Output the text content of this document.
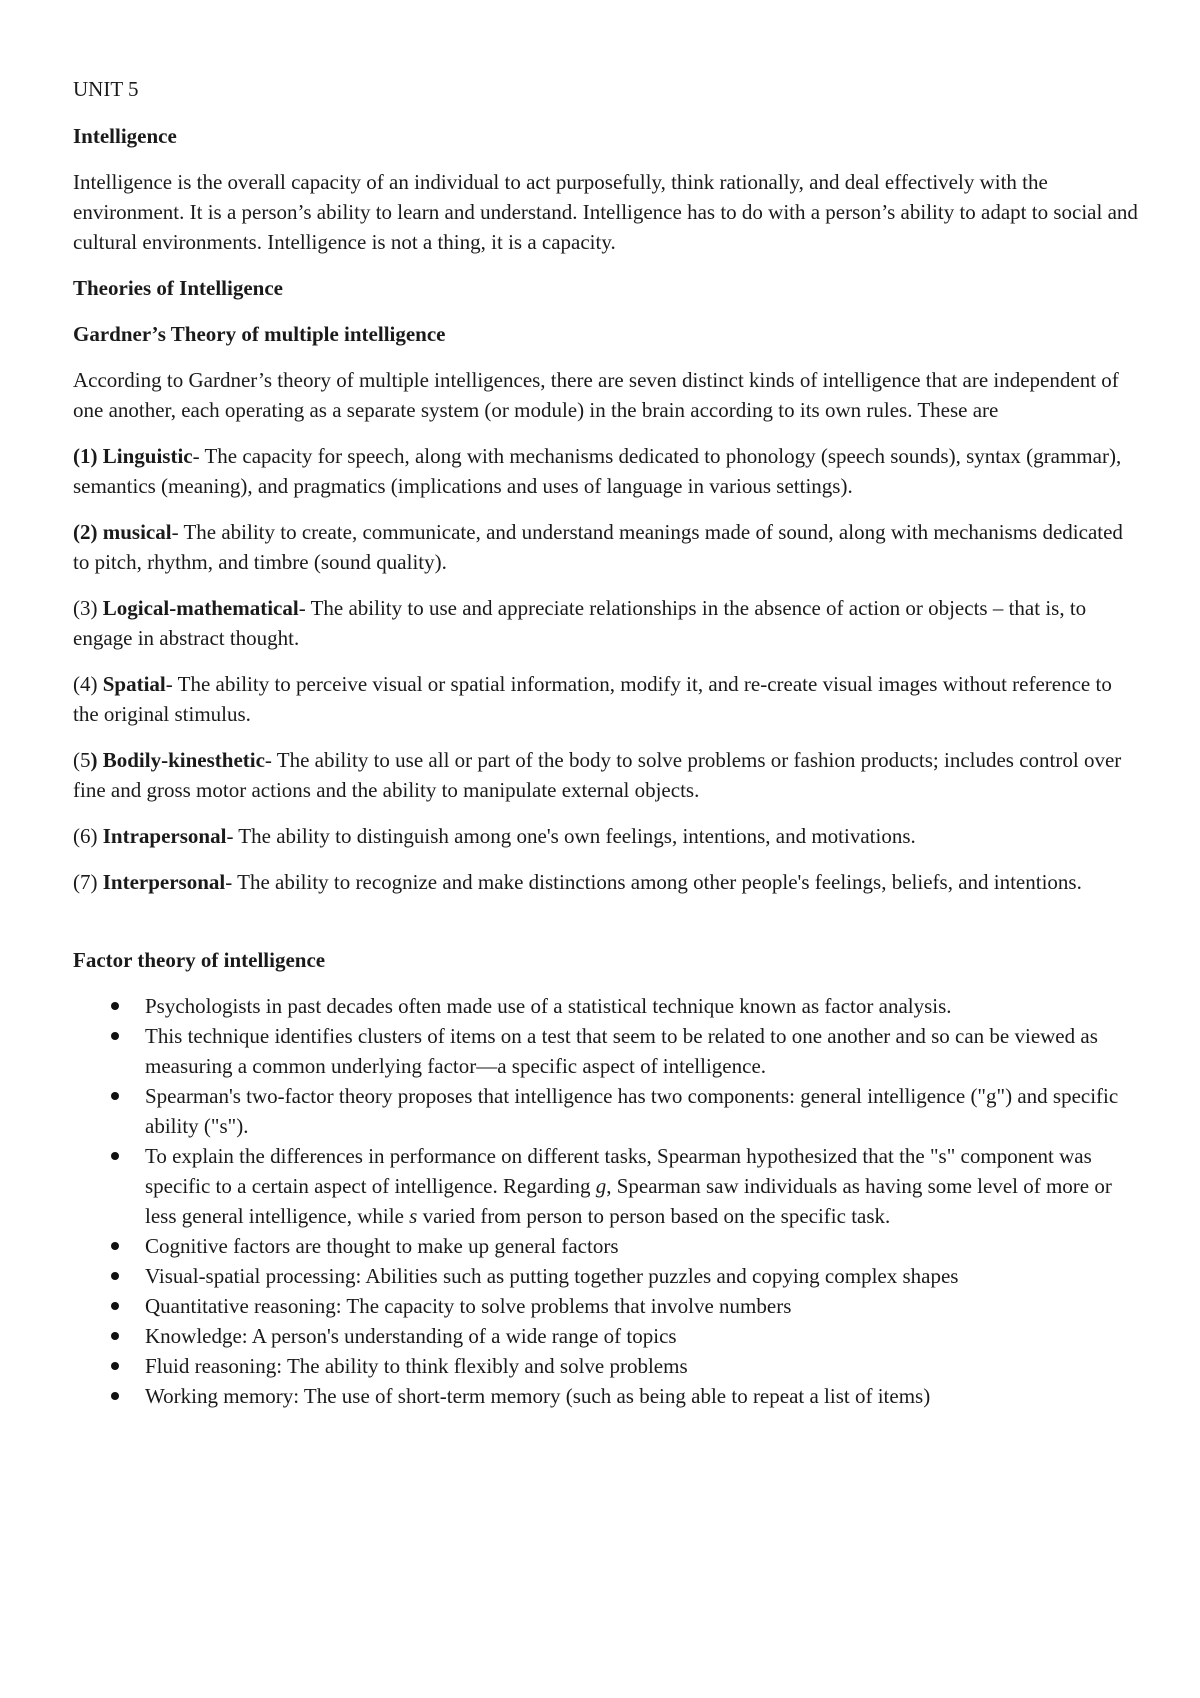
UNIT 5

Intelligence

Intelligence is the overall capacity of an individual to act purposefully, think rationally, and deal effectively with the environment. It is a person’s ability to learn and understand. Intelligence has to do with a person’s ability to adapt to social and cultural environments. Intelligence is not a thing, it is a capacity.

Theories of Intelligence
Gardner’s Theory of multiple intelligence

According to Gardner’s theory of multiple intelligences, there are seven distinct kinds of intelligence that are independent of one another, each operating as a separate system (or module) in the brain according to its own rules. These are

(1) Linguistic- The capacity for speech, along with mechanisms dedicated to phonology (speech sounds), syntax (grammar), semantics (meaning), and pragmatics (implications and uses of language in various settings).

(2) musical- The ability to create, communicate, and understand meanings made of sound, along with mechanisms dedicated to pitch, rhythm, and timbre (sound quality).

(3) Logical-mathematical- The ability to use and appreciate relationships in the absence of action or objects – that is, to engage in abstract thought.

(4) Spatial- The ability to perceive visual or spatial information, modify it, and re-create visual images without reference to the original stimulus.

(5) Bodily-kinesthetic- The ability to use all or part of the body to solve problems or fashion products; includes control over fine and gross motor actions and the ability to manipulate external objects.

(6) Intrapersonal- The ability to distinguish among one's own feelings, intentions, and motivations.

(7) Interpersonal- The ability to recognize and make distinctions among other people's feelings, beliefs, and intentions.

Factor theory of intelligence
Psychologists in past decades often made use of a statistical technique known as factor analysis.
This technique identifies clusters of items on a test that seem to be related to one another and so can be viewed as measuring a common underlying factor—a specific aspect of intelligence.
Spearman's two-factor theory proposes that intelligence has two components: general intelligence ("g") and specific ability ("s").
To explain the differences in performance on different tasks, Spearman hypothesized that the "s" component was specific to a certain aspect of intelligence. Regarding g, Spearman saw individuals as having some level of more or less general intelligence, while s varied from person to person based on the specific task.
Cognitive factors are thought to make up general factors
Visual-spatial processing: Abilities such as putting together puzzles and copying complex shapes
Quantitative reasoning: The capacity to solve problems that involve numbers
Knowledge: A person's understanding of a wide range of topics
Fluid reasoning: The ability to think flexibly and solve problems
Working memory: The use of short-term memory (such as being able to repeat a list of items)
